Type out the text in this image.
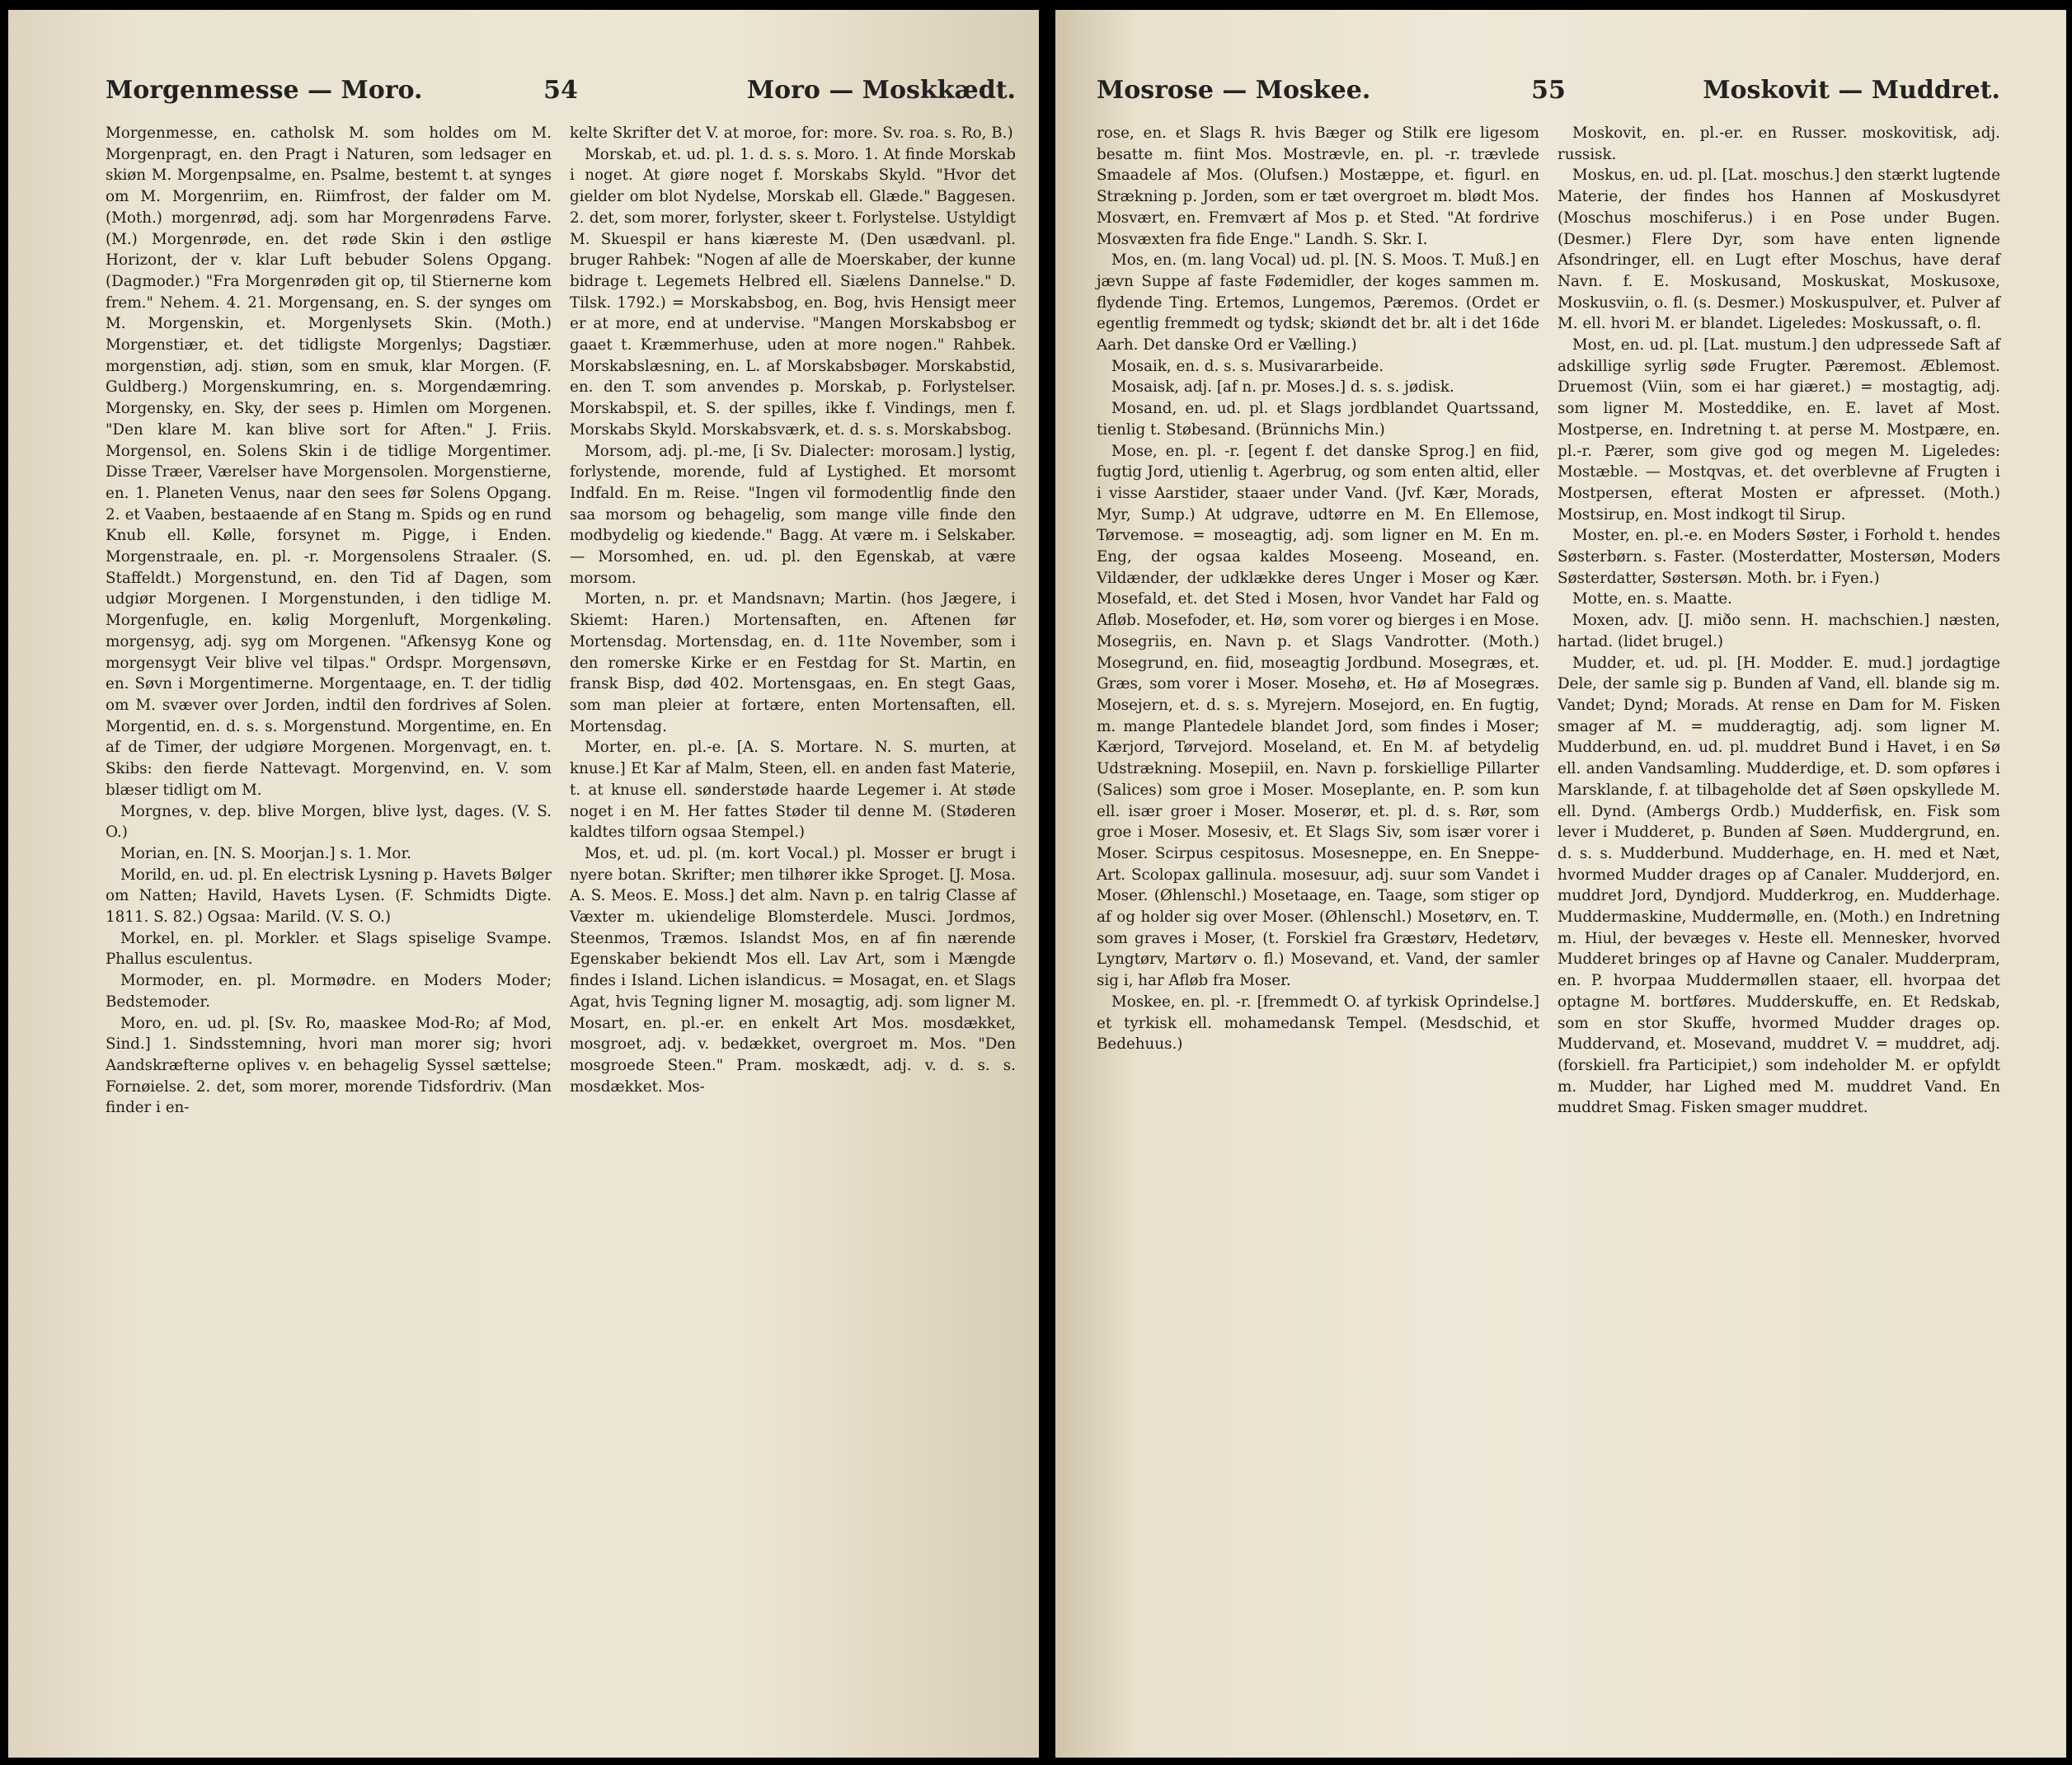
Morgenmesse — Moro.	54	Moro — Moskkædt.

Morgenmesse, en. catholsk M. som holdes om M. Morgenpragt, en. den Pragt i Naturen, som ledsager en skiøn M. Morgenpsalme, en. Psalme, bestemt t. at synges om M. Morgenriim, en. Riimfrost, der falder om M. (Moth.) morgenrød, adj. som har Morgenrødens Farve. (M.) Morgenrøde, en. det røde Skin i den østlige Horizont, der v. klar Luft bebuder Solens Opgang. (Dagmoder.) "Fra Morgenrøden git op, til Stiernerne kom frem." Nehem. 4. 21. Morgensang, en. S. der synges om M. Morgenskin, et. Morgenlysets Skin. (Moth.) Morgenstiær, et. det tidligste Morgenlys; Dagstiær. morgenstiøn, adj. stiøn, som en smuk, klar Morgen. (F. Guldberg.) Morgenskumring, en. s. Morgendæmring. Morgensky, en. Sky, der sees p. Himlen om Morgenen. "Den klare M. kan blive sort for Aften." J. Friis. Morgensol, en. Solens Skin i de tidlige Morgentimer. Disse Træer, Værelser have Morgensolen. Morgenstierne, en. 1. Planeten Venus, naar den sees før Solens Opgang. 2. et Vaaben, bestaaende af en Stang m. Spids og en rund Knub ell. Kølle, forsynet m. Pigge, i Enden. Morgenstraale, en. pl. -r. Morgensolens Straaler. (S. Staffeldt.) Morgenstund, en. den Tid af Dagen, som udgiør Morgenen. I Morgenstunden, i den tidlige M. Morgenfugle, en. kølig Morgenluft, Morgenkøling. morgensyg, adj. syg om Morgenen. "Afkensyg Kone og morgensygt Veir blive vel tilpas." Ordspr. Morgensøvn, en. Søvn i Morgentimerne. Morgentaage, en. T. der tidlig om M. svæver over Jorden, indtil den fordrives af Solen. Morgentid, en. d. s. s. Morgenstund. Morgentime, en. En af de Timer, der udgiøre Morgenen. Morgenvagt, en. t. Skibs: den fierde Nattevagt. Morgenvind, en. V. som blæser tidligt om M.

Morgnes, v. dep. blive Morgen, blive lyst, dages. (V. S. O.)

Morian, en. [N. S. Moorjan.] s. 1. Mor.

Morild, en. ud. pl. En electrisk Lysning p. Havets Bølger om Natten; Havild, Havets Lysen. (F. Schmidts Digte. 1811. S. 82.) Ogsaa: Marild. (V. S. O.)

Morkel, en. pl. Morkler. et Slags spiselige Svampe. Phallus esculentus.

Mormoder, en. pl. Mormødre. en Moders Moder; Bedstemoder.

Moro, en. ud. pl. [Sv. Ro, maaskee Mod-Ro; af Mod, Sind.] 1. Sindsstemning, hvori man morer sig; hvori Aandskræfterne oplives v. en behagelig Syssel sættelse; Fornøielse. 2. det, som morer, morende Tidsfordriv. (Man finder i en-

kelte Skrifter det V. at moroe, for: more. Sv. roa. s. Ro, B.)

Morskab, et. ud. pl. 1. d. s. s. Moro. 1. At finde Morskab i noget. At giøre noget f. Morskabs Skyld. "Hvor det gielder om blot Nydelse, Morskab ell. Glæde." Baggesen. 2. det, som morer, forlyster, skeer t. Forlystelse. Ustyldigt M. Skuespil er hans kiæreste M. (Den usædvanl. pl. bruger Rahbek: "Nogen af alle de Moerskaber, der kunne bidrage t. Legemets Helbred ell. Siælens Dannelse." D. Tilsk. 1792.) = Morskabsbog, en. Bog, hvis Hensigt meer er at more, end at undervise. "Mangen Morskabsbog er gaaet t. Kræmmerhuse, uden at more nogen." Rahbek. Morskabslæsning, en. L. af Morskabsbøger. Morskabstid, en. den T. som anvendes p. Morskab, p. Forlystelser. Morskabspil, et. S. der spilles, ikke f. Vindings, men f. Morskabs Skyld. Morskabsværk, et. d. s. s. Morskabsbog.

Morsom, adj. pl.-me, [i Sv. Dialecter: morosam.] lystig, forlystende, morende, fuld af Lystighed. Et morsomt Indfald. En m. Reise. "Ingen vil formodentlig finde den saa morsom og behagelig, som mange ville finde den modbydelig og kiedende." Bagg. At være m. i Selskaber. — Morsomhed, en. ud. pl. den Egenskab, at være morsom.

Morten, n. pr. et Mandsnavn; Martin. (hos Jægere, i Skiemt: Haren.) Mortensaften, en. Aftenen før Mortensdag. Mortensdag, en. d. 11te November, som i den romerske Kirke er en Festdag for St. Martin, en fransk Bisp, død 402. Mortensgaas, en. En stegt Gaas, som man pleier at fortære, enten Mortensaften, ell. Mortensdag.

Morter, en. pl.-e. [A. S. Mortare. N. S. murten, at knuse.] Et Kar af Malm, Steen, ell. en anden fast Materie, t. at knuse ell. sønderstøde haarde Legemer i. At støde noget i en M. Her fattes Støder til denne M. (Støderen kaldtes tilforn ogsaa Stempel.)

Mos, et. ud. pl. (m. kort Vocal.) pl. Mosser er brugt i nyere botan. Skrifter; men tilhører ikke Sproget. [J. Mosa. A. S. Meos. E. Moss.] det alm. Navn p. en talrig Classe af Væxter m. ukiendelige Blomsterdele. Musci. Jordmos, Steenmos, Træmos. Islandst Mos, en af fin nærende Egenskaber bekiendt Mos ell. Lav Art, som i Mængde findes i Island. Lichen islandicus. = Mosagat, en. et Slags Agat, hvis Tegning ligner M. mosagtig, adj. som ligner M. Mosart, en. pl.-er. en enkelt Art Mos. mosdækket, mosgroet, adj. v. bedækket, overgroet m. Mos. "Den mosgroede Steen." Pram. moskædt, adj. v. d. s. s. mosdækket. Mos-

Mosrose — Moskee.	55	Moskovit — Muddret.

rose, en. et Slags R. hvis Bæger og Stilk ere ligesom besatte m. fiint Mos. Mostrævle, en. pl. -r. trævlede Smaadele af Mos. (Olufsen.) Mostæppe, et. figurl. en Strækning p. Jorden, som er tæt overgroet m. blødt Mos. Mosvært, en. Fremvært af Mos p. et Sted. "At fordrive Mosvæxten fra fide Enge." Landh. S. Skr. I.

Mos, en. (m. lang Vocal) ud. pl. [N. S. Moos. T. Muß.] en jævn Suppe af faste Fødemidler, der koges sammen m. flydende Ting. Ertemos, Lungemos, Pæremos. (Ordet er egentlig fremmedt og tydsk; skiøndt det br. alt i det 16de Aarh. Det danske Ord er Vælling.)

Mosaik, en. d. s. s. Musivararbeide.

Mosaisk, adj. [af n. pr. Moses.] d. s. s. jødisk.

Mosand, en. ud. pl. et Slags jordblandet Quartssand, tienlig t. Støbesand. (Brünnichs Min.)

Mose, en. pl. -r. [egent f. det danske Sprog.] en fiid, fugtig Jord, utienlig t. Agerbrug, og som enten altid, eller i visse Aarstider, staaer under Vand. (Jvf. Kær, Morads, Myr, Sump.) At udgrave, udtørre en M. En Ellemose, Tørvemose. = moseagtig, adj. som ligner en M. En m. Eng, der ogsaa kaldes Moseeng. Moseand, en. Vildænder, der udklække deres Unger i Moser og Kær. Mosefald, et. det Sted i Mosen, hvor Vandet har Fald og Afløb. Mosefoder, et. Hø, som vorer og bierges i en Mose. Mosegriis, en. Navn p. et Slags Vandrotter. (Moth.) Mosegrund, en. fiid, moseagtig Jordbund. Mosegræs, et. Græs, som vorer i Moser. Mosehø, et. Hø af Mosegræs. Mosejern, et. d. s. s. Myrejern. Mosejord, en. En fugtig, m. mange Plantedele blandet Jord, som findes i Moser; Kærjord, Tørvejord. Moseland, et. En M. af betydelig Udstrækning. Mosepiil, en. Navn p. forskiellige Pillarter (Salices) som groe i Moser. Moseplante, en. P. som kun ell. især groer i Moser. Moserør, et. pl. d. s. Rør, som groe i Moser. Mosesiv, et. Et Slags Siv, som især vorer i Moser. Scirpus cespitosus. Mosesneppe, en. En Sneppe-Art. Scolopax gallinula. mosesuur, adj. suur som Vandet i Moser. (Øhlenschl.) Mosetaage, en. Taage, som stiger op af og holder sig over Moser. (Øhlenschl.) Mosetørv, en. T. som graves i Moser, (t. Forskiel fra Græstørv, Hedetørv, Lyngtørv, Martørv o. fl.) Mosevand, et. Vand, der samler sig i, har Afløb fra Moser.

Moskee, en. pl. -r. [fremmedt O. af tyrkisk Oprindelse.] et tyrkisk ell. mohamedansk Tempel. (Mesdschid, et Bedehuus.)

Moskovit, en. pl.-er. en Russer. moskovitisk, adj. russisk.

Moskus, en. ud. pl. [Lat. moschus.] den stærkt lugtende Materie, der findes hos Hannen af Moskusdyret (Moschus moschiferus.) i en Pose under Bugen. (Desmer.) Flere Dyr, som have enten lignende Afsondringer, ell. en Lugt efter Moschus, have deraf Navn. f. E. Moskusand, Moskuskat, Moskusoxe, Moskusviin, o. fl. (s. Desmer.) Moskuspulver, et. Pulver af M. ell. hvori M. er blandet. Ligeledes: Moskussaft, o. fl.

Most, en. ud. pl. [Lat. mustum.] den udpressede Saft af adskillige syrlig søde Frugter. Pæremost. Æblemost. Druemost (Viin, som ei har giæret.) = mostagtig, adj. som ligner M. Mosteddike, en. E. lavet af Most. Mostperse, en. Indretning t. at perse M. Mostpære, en. pl.-r. Pærer, som give god og megen M. Ligeledes: Mostæble. — Mostqvas, et. det overblevne af Frugten i Mostpersen, efterat Mosten er afpresset. (Moth.) Mostsirup, en. Most indkogt til Sirup.

Moster, en. pl.-e. en Moders Søster, i Forhold t. hendes Søsterbørn. s. Faster. (Mosterdatter, Mostersøn, Moders Søsterdatter, Søstersøn. Moth. br. i Fyen.)

Motte, en. s. Maatte.

Moxen, adv. [J. miðo senn. H. machschien.] næsten, hartad. (lidet brugel.)

Mudder, et. ud. pl. [H. Modder. E. mud.] jordagtige Dele, der samle sig p. Bunden af Vand, ell. blande sig m. Vandet; Dynd; Morads. At rense en Dam for M. Fisken smager af M. = mudderagtig, adj. som ligner M. Mudderbund, en. ud. pl. muddret Bund i Havet, i en Sø ell. anden Vandsamling. Mudderdige, et. D. som opføres i Marsklande, f. at tilbageholde det af Søen opskyllede M. ell. Dynd. (Ambergs Ordb.) Mudderfisk, en. Fisk som lever i Mudderet, p. Bunden af Søen. Muddergrund, en. d. s. s. Mudderbund. Mudderhage, en. H. med et Næt, hvormed Mudder drages op af Canaler. Mudderjord, en. muddret Jord, Dyndjord. Mudderkrog, en. Mudderhage. Muddermaskine, Muddermølle, en. (Moth.) en Indretning m. Hiul, der bevæges v. Heste ell. Mennesker, hvorved Mudderet bringes op af Havne og Canaler. Mudderpram, en. P. hvorpaa Muddermøllen staaer, ell. hvorpaa det optagne M. bortføres. Mudderskuffe, en. Et Redskab, som en stor Skuffe, hvormed Mudder drages op. Muddervand, et. Mosevand, muddret V. = muddret, adj. (forskiell. fra Participiet,) som indeholder M. er opfyldt m. Mudder, har Lighed med M. muddret Vand. En muddret Smag. Fisken smager muddret.
